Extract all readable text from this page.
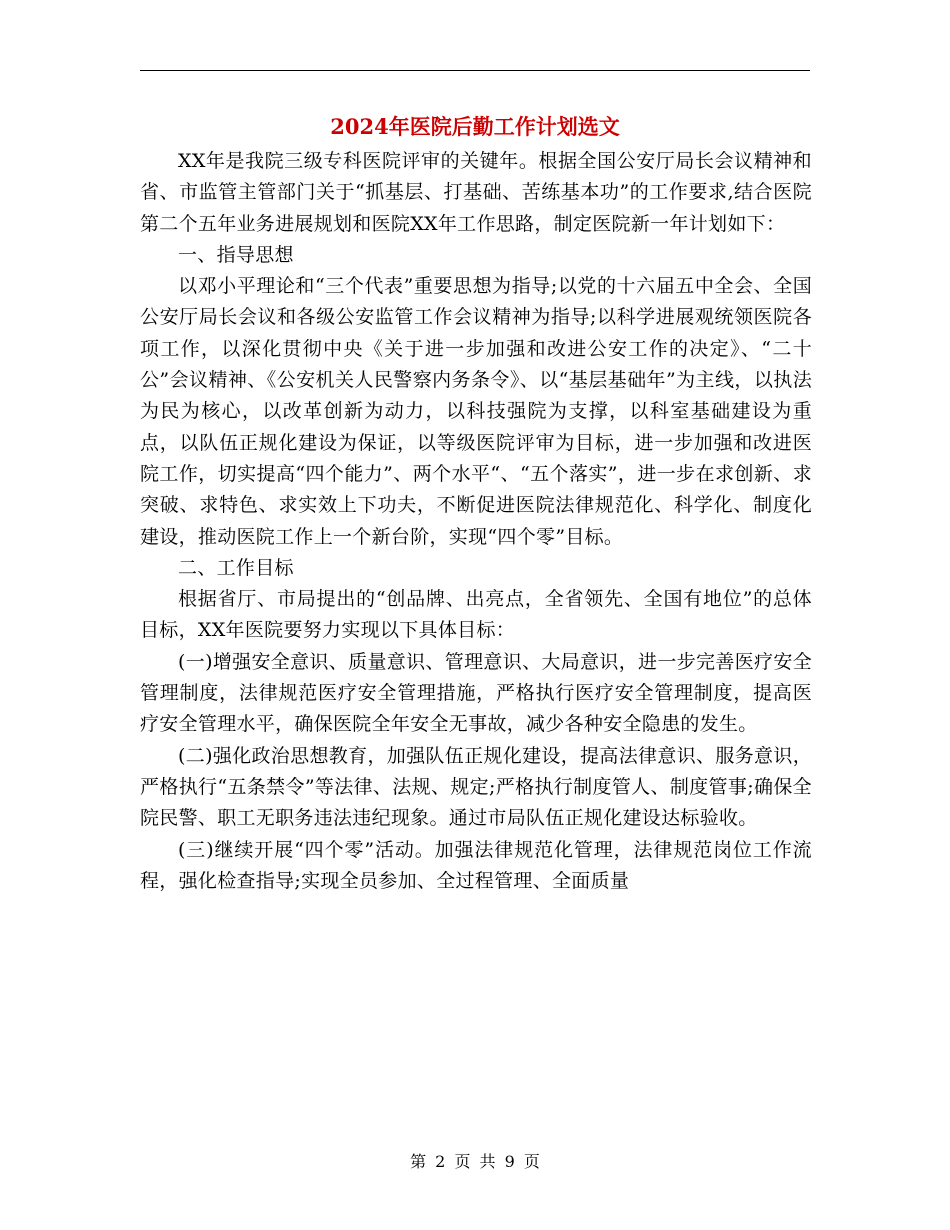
2024年医院后勤工作计划选文

XX年是我院三级专科医院评审的关键年。根据全国公安厅局长会议精神和省、市监管主管部门关于“抓基层、打基础、苦练基本功”的工作要求,结合医院第二个五年业务进展规划和医院XX年工作思路，制定医院新一年计划如下：

一、指导思想

以邓小平理论和“三个代表”重要思想为指导;以党的十六届五中全会、全国公安厅局长会议和各级公安监管工作会议精神为指导;以科学进展观统领医院各项工作，以深化贯彻中央《关于进一步加强和改进公安工作的决定》、“二十公”会议精神、《公安机关人民警察内务条令》、以“基层基础年”为主线，以执法为民为核心，以改革创新为动力，以科技强院为支撑，以科室基础建设为重点，以队伍正规化建设为保证，以等级医院评审为目标，进一步加强和改进医院工作，切实提高“四个能力”、两个水平“、“五个落实”，进一步在求创新、求突破、求特色、求实效上下功夫，不断促进医院法律规范化、科学化、制度化建设，推动医院工作上一个新台阶，实现“四个零”目标。

二、工作目标

根据省厅、市局提出的“创品牌、出亮点，全省领先、全国有地位”的总体目标，XX年医院要努力实现以下具体目标：

(一)增强安全意识、质量意识、管理意识、大局意识，进一步完善医疗安全管理制度，法律规范医疗安全管理措施，严格执行医疗安全管理制度，提高医疗安全管理水平，确保医院全年安全无事故，减少各种安全隐患的发生。

(二)强化政治思想教育，加强队伍正规化建设，提高法律意识、服务意识，严格执行“五条禁令”等法律、法规、规定;严格执行制度管人、制度管事;确保全院民警、职工无职务违法违纪现象。通过市局队伍正规化建设达标验收。

(三)继续开展“四个零”活动。加强法律规范化管理，法律规范岗位工作流程，强化检查指导;实现全员参加、全过程管理、全面质量

第 2 页 共 9 页
